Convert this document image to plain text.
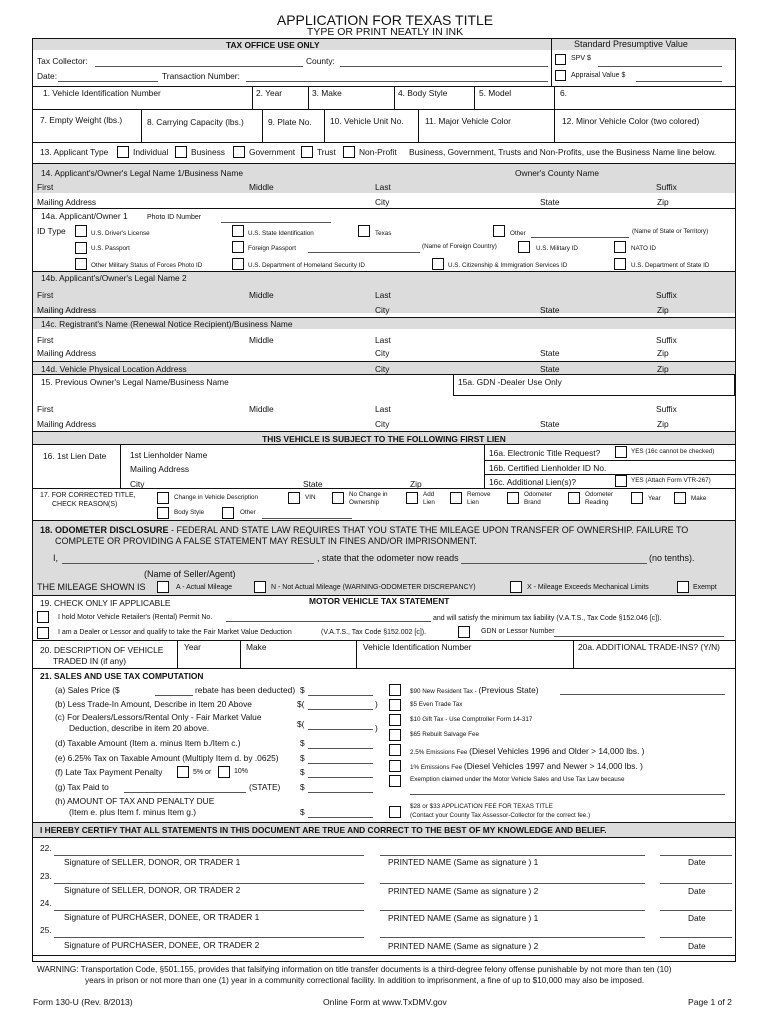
APPLICATION FOR TEXAS TITLE
TYPE OR PRINT NEATLY IN INK
TAX OFFICE USE ONLY	Standard Presumptive Value
Tax Collector:	County:
Date:	Transaction Number:
SPV $
Appraisal Value $
1. Vehicle Identification Number	2. Year	3. Make	4. Body Style	5. Model	6.
7. Empty Weight (lbs.)	8. Carrying Capacity (lbs.)	9. Plate No. 10. Vehicle Unit No.	11. Major Vehicle Color	12. Minor Vehicle Color (two colored)
13. Applicant Type	Individual	Business	Government	Trust	Non-Profit Business, Government, Trusts and Non-Profits, use the Business Name line below.
14. Applicant's/Owner's Legal Name 1/Business Name	Owner's County Name
First	Middle	Last	Suffix
Mailing Address	City	State	Zip
14a. Applicant/Owner 1	Photo ID Number
ID Type	U.S. Driver's License	U.S. State Identification	Texas	Other	(Name of State or Territory)
U.S. Passport	Foreign Passport	(Name of Foreign Country)	U.S. Military ID	NATO ID
Other Military Status of Forces Photo ID	U.S. Department of Homeland Security ID	U.S. Citizenship & Immigration Services ID	U.S. Department of State ID
14b. Applicant's/Owner's Legal Name 2
First	Middle	Last	Suffix
Mailing Address	City	State	Zip
14c. Registrant's Name (Renewal Notice Recipient)/Business Name
First	Middle	Last	Suffix
Mailing Address	City	State	Zip
14d. Vehicle Physical Location Address	City	State	Zip
15. Previous Owner's Legal Name/Business Name	15a. GDN -Dealer Use Only
First	Middle	Last	Suffix
Mailing Address	City	State	Zip
THIS VEHICLE IS SUBJECT TO THE FOLLOWING FIRST LIEN
16. 1st Lien Date	1st Lienholder Name
Mailing Address
City	State	Zip
16a. Electronic Title Request?	YES (16c cannot be checked)
16b. Certified Lienholder ID No.
16c. Additional Lien(s)?	YES (Attach Form VTR-267)
17. FOR CORRECTED TITLE,
CHECK REASON(S)
Change in Vehicle Description	VIN	No Change in
Ownership
Add
Lien
Remove
Lien
Odometer
Brand
Odometer
Reading
Year	Make
Body Style	Other
18. ODOMETER DISCLOSURE - FEDERAL AND STATE LAW REQUIRES THAT YOU STATE THE MILEAGE UPON TRANSFER OF OWNERSHIP. FAILURE TO
COMPLETE OR PROVIDING A FALSE STATEMENT MAY RESULT IN FINES AND/OR IMPRISONMENT.
I,	, state that the odometer now reads	(no tenths).
(Name of Seller/Agent)
THE MILEAGE SHOWN IS	A - Actual Mileage	N - Not Actual Mileage (WARNING-ODOMETER DISCREPANCY)	X - Mileage Exceeds Mechanical Limits	Exempt
19. CHECK ONLY IF APPLICABLE	MOTOR VEHICLE TAX STATEMENT
I hold Motor Vehicle Retailer's (Rental) Permit No.	and will satisfy the minimum tax liability (V.A.T.S., Tax Code §152.046 [c]).
I am a Dealer or Lessor and qualify to take the Fair Market Value Deduction	(V.A.T.S., Tax Code §152.002 [c]).	GDN or Lessor Number
20. DESCRIPTION OF VEHICLE
TRADED IN (if any)
Year	Make	Vehicle Identification Number	20a. ADDITIONAL TRADE-INS? (Y/N)
21. SALES AND USE TAX COMPUTATION
(a) Sales Price ($	rebate has been deducted) $
(b) Less Trade-In Amount, Describe in Item 20 Above	$(	)
(c) For Dealers/Lessors/Rental Only - Fair Market Value
Deduction, describe in item 20 above.	$(	)
(d) Taxable Amount (Item a. minus Item b./Item c.)	$
(e) 6.25% Tax on Taxable Amount (Multiply Item d. by .0625)	$
(f) Late Tax Payment Penalty	5% or	10%	$
(g) Tax Paid to	(STATE) $
(h) AMOUNT OF TAX AND PENALTY DUE
(Item e. plus Item f. minus Item g.)	$
$90 New Resident Tax - (Previous State)
$5 Even Trade Tax
$10 Gift Tax - Use Comptroller Form 14-317
$65 Rebuilt Salvage Fee
2.5% Emissions Fee (Diesel Vehicles 1996 and Older > 14,000 lbs. )
1% Emissions Fee (Diesel Vehicles 1997 and Newer > 14,000 lbs. )
Exemption claimed under the Motor Vehicle Sales and Use Tax Law because
$28 or $33 APPLICATION FEE FOR TEXAS TITLE
(Contact your County Tax Assessor-Collector for the correct fee.)
I HEREBY CERTIFY THAT ALL STATEMENTS IN THIS DOCUMENT ARE TRUE AND CORRECT TO THE BEST OF MY KNOWLEDGE AND BELIEF.
22.
Signature of SELLER, DONOR, OR TRADER 1	PRINTED NAME (Same as signature ) 1	Date
23.
Signature of SELLER, DONOR, OR TRADER 2	PRINTED NAME (Same as signature ) 2	Date
24.
Signature of PURCHASER, DONEE, OR TRADER 1	PRINTED NAME (Same as signature ) 1	Date
25.
Signature of PURCHASER, DONEE, OR TRADER 2	PRINTED NAME (Same as signature ) 2	Date
WARNING: Transportation Code, §501.155, provides that falsifying information on title transfer documents is a third-degree felony offense punishable by not more than ten (10)
years in prison or not more than one (1) year in a community correctional facility. In addition to imprisonment, a fine of up to $10,000 may also be imposed.
Form 130-U (Rev. 8/2013)	Online Form at www.TxDMV.gov	Page 1 of 2
